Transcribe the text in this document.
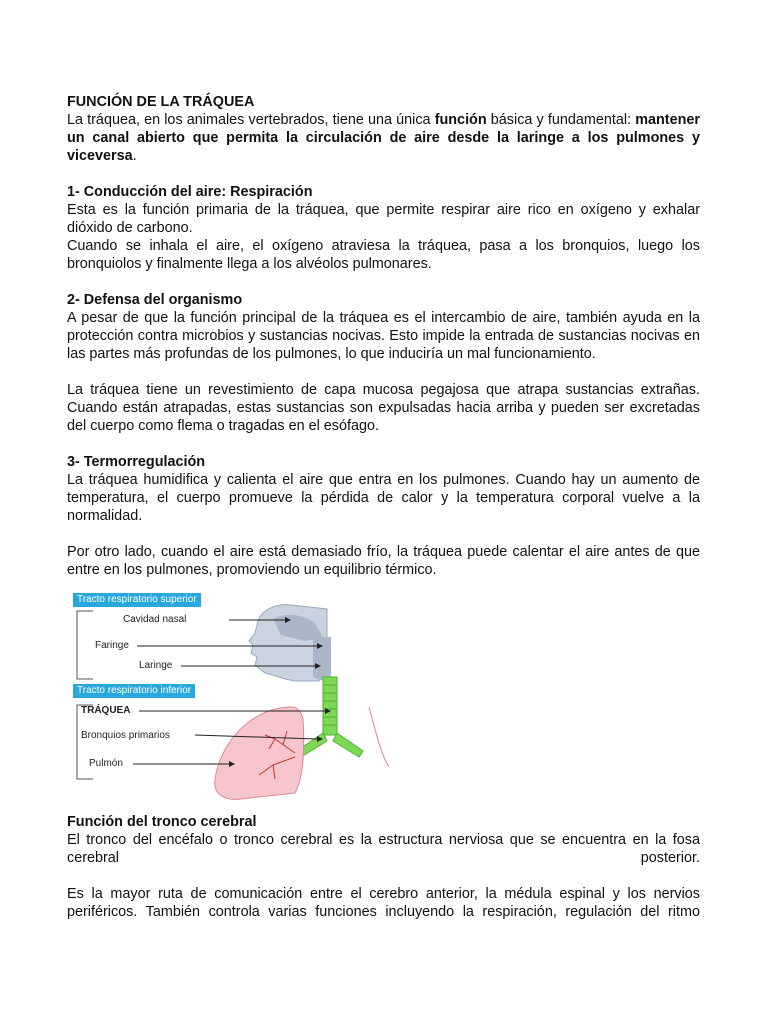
FUNCIÓN DE LA TRÁQUEA

La tráquea, en los animales vertebrados, tiene una única función básica y fundamental: mantener un canal abierto que permita la circulación de aire desde la laringe a los pulmones y viceversa.

1- Conducción del aire: Respiración

Esta es la función primaria de la tráquea, que permite respirar aire rico en oxígeno y exhalar dióxido de carbono.

Cuando se inhala el aire, el oxígeno atraviesa la tráquea, pasa a los bronquios, luego los bronquiolos y finalmente llega a los alvéolos pulmonares.

2- Defensa del organismo

A pesar de que la función principal de la tráquea es el intercambio de aire, también ayuda en la protección contra microbios y sustancias nocivas. Esto impide la entrada de sustancias nocivas en las partes más profundas de los pulmones, lo que induciría un mal funcionamiento.

La tráquea tiene un revestimiento de capa mucosa pegajosa que atrapa sustancias extrañas. Cuando están atrapadas, estas sustancias son expulsadas hacia arriba y pueden ser excretadas del cuerpo como flema o tragadas en el esófago.

3- Termorregulación

La tráquea humidifica y calienta el aire que entra en los pulmones. Cuando hay un aumento de temperatura, el cuerpo promueve la pérdida de calor y la temperatura corporal vuelve a la normalidad.

Por otro lado, cuando el aire está demasiado frío, la tráquea puede calentar el aire antes de que entre en los pulmones, promoviendo un equilibrio térmico.

Tracto respiratorio superior
Tracto respiratorio inferior
Cavidad nasal
Faringe
Laringe
TRÁQUEA
Bronquios primarios
Pulmón

Función del tronco cerebral

El tronco del encéfalo o tronco cerebral es la estructura nerviosa que se encuentra en la fosa cerebral	posterior.

Es la mayor ruta de comunicación entre el cerebro anterior, la médula espinal y los nervios periféricos. También controla varias funciones incluyendo la respiración, regulación del ritmo
